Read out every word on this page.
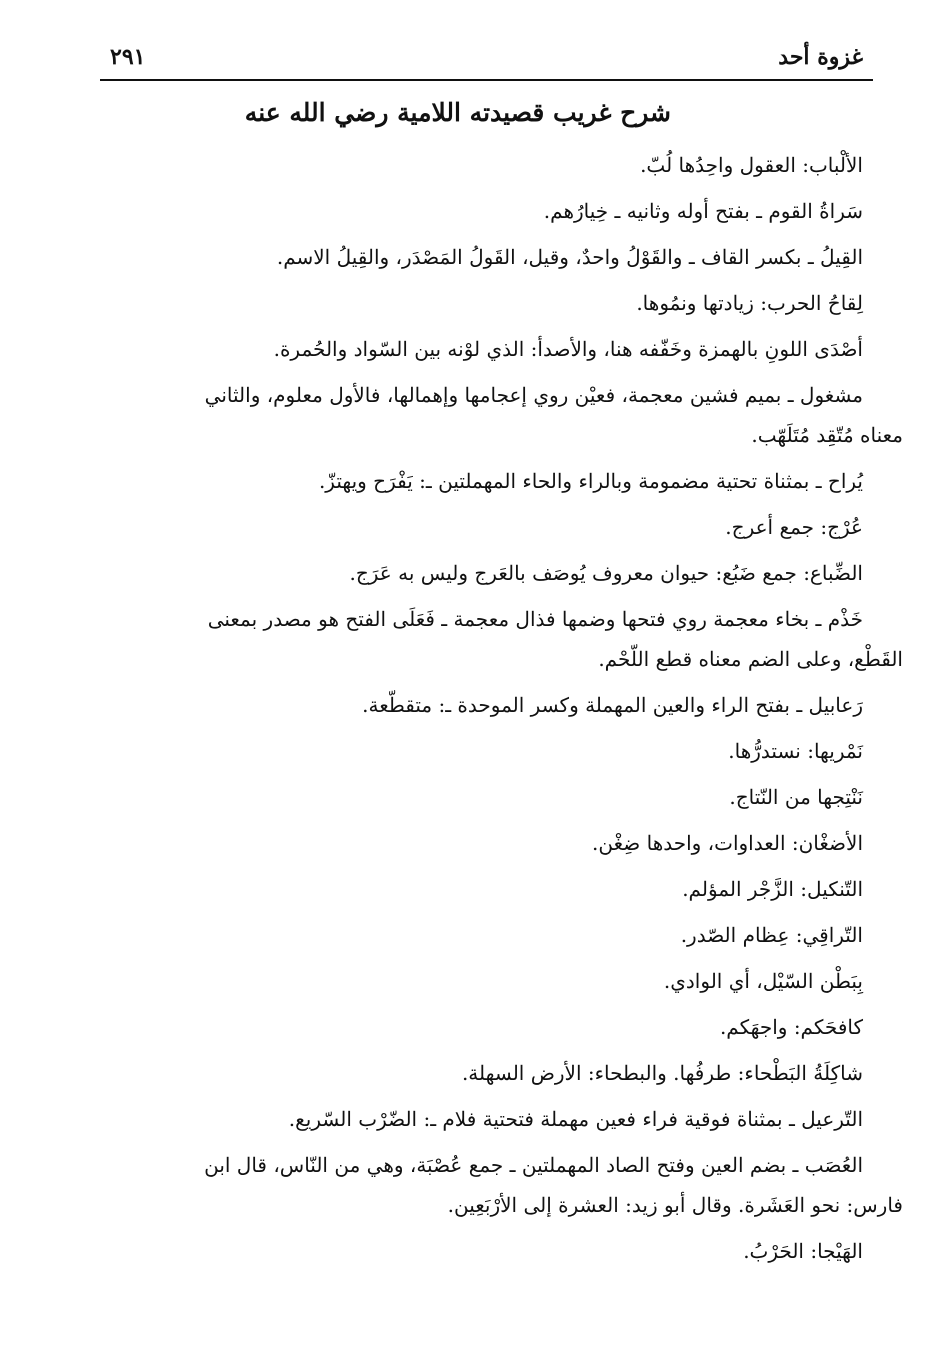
غزوة أحد
٢٩١
شرح غريب قصيدته اللامية رضي الله عنه

الألْباب: العقول واحِدُها لُبّ.

سَراةُ القوم ـ بفتح أوله وثانيه ـ خِيارُهم.

القِيلُ ـ بكسر القاف ـ والقَوْلُ واحدٌ، وقيل، القَولُ المَصْدَر، والقِيلُ الاسم.

لِقاحُ الحرب: زيادتها ونمُوها.

أصْدَى اللونِ بالهمزة وخَفّفه هنا، والأصدأ: الذي لوْنه بين السّواد والحُمرة.

مشغول ـ بميم فشين معجمة، فعيْن روي إعجامها وإهمالها، فالأول معلوم، والثاني
معناه مُتّقِد مُتَلَهّب.

يُراح ـ بمثناة تحتية مضمومة وبالراء والحاء المهملتين ـ: يَفْرَح ويهتزّ.

عُرْج: جمع أعرج.

الضِّباع: جمع ضَبُع: حيوان معروف يُوصَف بالعَرج وليس به عَرَج.

خَذْم ـ بخاء معجمة روي فتحها وضمها فذال معجمة ـ فَعَلَى الفتح هو مصدر بمعنى
القَطْع، وعلى الضم معناه قطع اللّحْم.

رَعابيل ـ بفتح الراء والعين المهملة وكسر الموحدة ـ: متقطّعة.

نَمْريها: نستدرُّها.

نَنْتِجها من النّتاج.

الأضغْان: العداوات، واحدها ضِغْن.

التّنكيل: الزَّجْر المؤلم.

التّراقِي: عِظام الصّدر.

بِبَطْن السّيْل، أي الوادي.

كافحَكم: واجهَكم.

شاكِلَةُ البَطْحاء: طرفُها. والبطحاء: الأرض السهلة.

التّرعيل ـ بمثناة فوقية فراء فعين مهملة فتحتية فلام ـ: الضّرْب السّريع.

العُصَب ـ بضم العين وفتح الصاد المهملتين ـ جمع عُصْبَة، وهي من النّاس، قال ابن
فارس: نحو العَشَرة. وقال أبو زيد: العشرة إلى الأرْبَعِين.

الهَيْجا: الحَرْبُ.
